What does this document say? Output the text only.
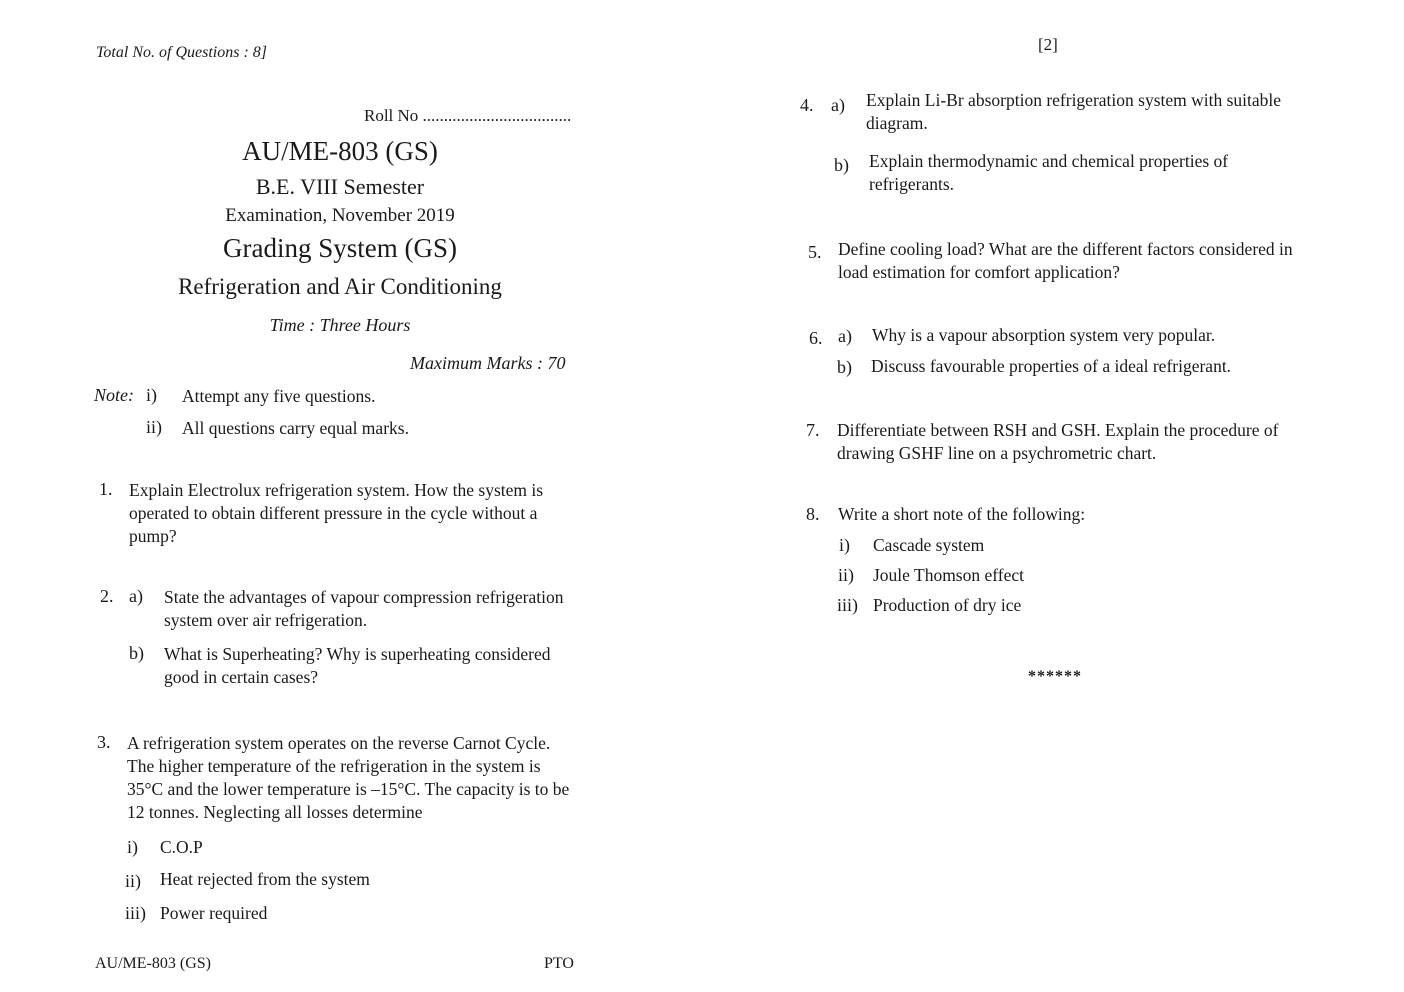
Total No. of Questions : 8]
Roll No ...................................
AU/ME-803 (GS)
B.E. VIII Semester
Examination, November 2019
Grading System (GS)
Refrigeration and Air Conditioning
Time : Three Hours
Maximum Marks : 70
Note: i) Attempt any five questions.
ii) All questions carry equal marks.
1. Explain Electrolux refrigeration system. How the system is operated to obtain different pressure in the cycle without a pump?
2. a) State the advantages of vapour compression refrigeration system over air refrigeration.
b) What is Superheating? Why is superheating considered good in certain cases?
3. A refrigeration system operates on the reverse Carnot Cycle. The higher temperature of the refrigeration in the system is 35°C and the lower temperature is –15°C. The capacity is to be 12 tonnes. Neglecting all losses determine
i) C.O.P
ii) Heat rejected from the system
iii) Power required
AU/ME-803 (GS)	PTO
[2]
4. a) Explain Li-Br absorption refrigeration system with suitable diagram.
b) Explain thermodynamic and chemical properties of refrigerants.
5. Define cooling load? What are the different factors considered in load estimation for comfort application?
6. a) Why is a vapour absorption system very popular.
b) Discuss favourable properties of a ideal refrigerant.
7. Differentiate between RSH and GSH. Explain the procedure of drawing GSHF line on a psychrometric chart.
8. Write a short note of the following:
i) Cascade system
ii) Joule Thomson effect
iii) Production of dry ice
******
